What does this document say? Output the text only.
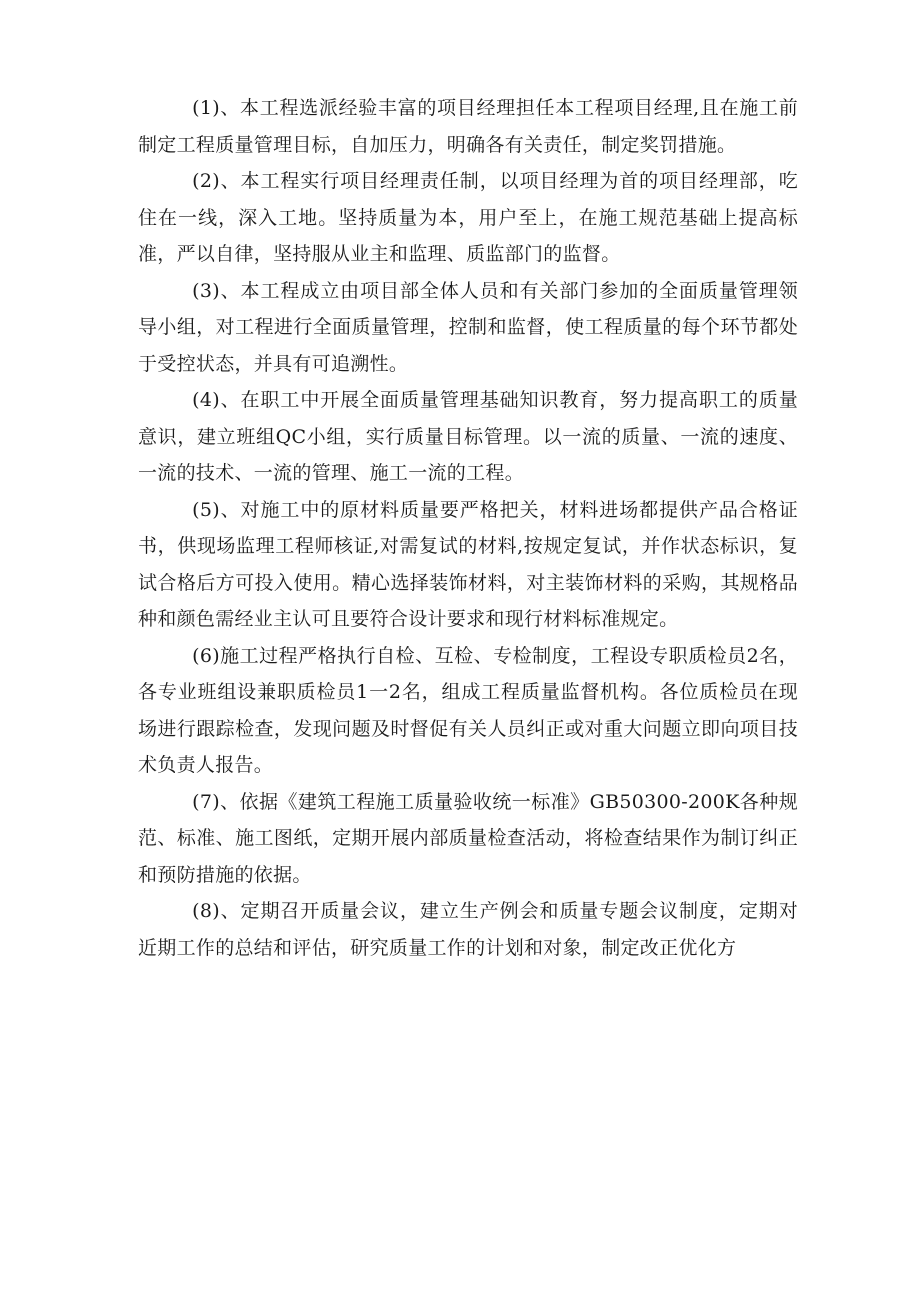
(1)、本工程选派经验丰富的项目经理担任本工程项目经理,且在施工前制定工程质量管理目标，自加压力，明确各有关责任，制定奖罚措施。

(2)、本工程实行项目经理责任制，以项目经理为首的项目经理部，吃住在一线，深入工地。坚持质量为本，用户至上，在施工规范基础上提高标准，严以自律，坚持服从业主和监理、质监部门的监督。

(3)、本工程成立由项目部全体人员和有关部门参加的全面质量管理领导小组，对工程进行全面质量管理，控制和监督，使工程质量的每个环节都处于受控状态，并具有可追溯性。

(4)、在职工中开展全面质量管理基础知识教育，努力提高职工的质量意识，建立班组QC小组，实行质量目标管理。以一流的质量、一流的速度、一流的技术、一流的管理、施工一流的工程。

(5)、对施工中的原材料质量要严格把关，材料进场都提供产品合格证书，供现场监理工程师核证,对需复试的材料,按规定复试，并作状态标识，复试合格后方可投入使用。精心选择装饰材料，对主装饰材料的采购，其规格品种和颜色需经业主认可且要符合设计要求和现行材料标准规定。

(6)施工过程严格执行自检、互检、专检制度，工程设专职质检员2名，各专业班组设兼职质检员1一2名，组成工程质量监督机构。各位质检员在现场进行跟踪检查，发现问题及时督促有关人员纠正或对重大问题立即向项目技术负责人报告。

(7)、依据《建筑工程施工质量验收统一标准》GB50300-200K各种规范、标准、施工图纸，定期开展内部质量检查活动，将检查结果作为制订纠正和预防措施的依据。

(8)、定期召开质量会议，建立生产例会和质量专题会议制度，定期对近期工作的总结和评估，研究质量工作的计划和对象，制定改正优化方
